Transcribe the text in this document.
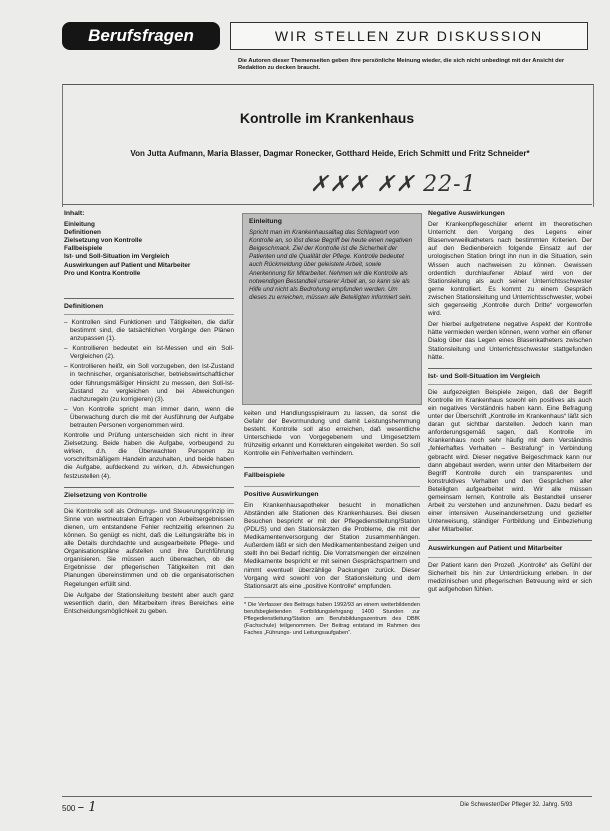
Berufsfragen	WIR STELLEN ZUR DISKUSSION
Die Autoren dieser Themenseiten geben ihre persönliche Meinung wieder, die sich nicht unbedingt mit der Ansicht der Redaktion zu decken braucht.
Kontrolle im Krankenhaus
Von Jutta Aufmann, Maria Blasser, Dagmar Ronecker, Gotthard Heide, Erich Schmitt und Fritz Schneider*
✗✗✗ ✗✗ 22-1
Inhalt:
Einleitung
Definitionen
Zielsetzung von Kontrolle
Fallbeispiele
Ist- und Soll-Situation im Vergleich
Auswirkungen auf Patient und Mitarbeiter
Pro und Kontra Kontrolle
Definitionen
– Kontrollen sind Funktionen und Tätigkeiten, die dafür bestimmt sind, die tatsächlichen Vorgänge den Plänen anzupassen (1).
– Kontrollieren bedeutet ein Ist-Messen und ein Soll-Vergleichen (2).
– Kontrollieren heißt, ein Soll vorzugeben, den Ist-Zustand in technischer, organisatorischer, betriebswirtschaftlicher oder führungsmäßiger Hinsicht zu messen, den Soll-Ist-Zustand zu vergleichen und bei Abweichungen nachzuregeln (zu korrigieren) (3).
– Von Kontrolle spricht man immer dann, wenn die Überwachung durch die mit der Ausführung der Aufgabe betrauten Personen vorgenommen wird.

Kontrolle und Prüfung unterscheiden sich nicht in ihrer Zielsetzung. Beide haben die Aufgabe, vorbeugend zu wirken, d.h. die Überwachten Personen zu vorschriftsmäßigem Handeln anzuhalten, und beide haben die Aufgabe, aufdeckend zu wirken, d.h. Abweichungen festzustellen (4).

Zielsetzung von Kontrolle

Die Kontrolle soll als Ordnungs- und Steuerungsprinzip im Sinne von wertneutralen Erfragen von Arbeitsergebnissen dienen, um entstandene Fehler rechtzeitig erkennen zu können. So genügt es nicht, daß die Leitungskräfte bis in alle Details durchdachte und ausgearbeitete Pflege- und Organisationspläne aufstellen und ihre Durchführung organisieren. Sie müssen auch überwachen, ob die Ergebnisse der pflegerischen Tätigkeiten mit den Planungen übereinstimmen und ob die organisatorischen Regelungen erfüllt sind.

Die Aufgabe der Stationsleitung besteht aber auch ganz wesentlich darin, den Mitarbeitern ihres Bereiches eine Entscheidungsmöglichkeit zu geben.

Einleitung
Spricht man im Krankenhausalltag das Schlagwort von Kontrolle an, so löst diese Begriff bei heute einen negativen Beigeschmack. Ziel der Kontrolle ist die Sicherheit der Patienten und die Qualität der Pflege. Kontrolle bedeutet auch Rückmeldung über geleistete Arbeit, sowie Anerkennung für Mitarbeiter. Nehmen wir die Kontrolle als notwendigen Bestandteil unserer Arbeit an, so kann sie als Hilfe und nicht als Bedrohung empfunden werden. Um dieses zu erreichen, müssen alle Beteiligten informiert sein.

keiten und Handlungsspielraum zu lassen, da sonst die Gefahr der Bevormundung und damit Leistungshemmung besteht. Kontrolle soll also erreichen, daß wesentliche Unterschiede von Vorgegebenem und Umgesetztem frühzeitig erkannt und Korrekturen eingeleitet werden. So soll Kontrolle ein Fehlverhalten verhindern.

Fallbeispiele
Positive Auswirkungen

Ein Krankenhausapotheker besucht in monatlichen Abständen alle Stationen des Krankenhauses. Bei diesen Besuchen bespricht er mit der Pflegedienstleitung/Station (PDL/S) und den Stationsärzten die Probleme, die mit der Medikamentenversorgung der Station zusammenhängen. Außerdem läßt er sich den Medikamentenbestand zeigen und stellt ihn bei Bedarf richtig. Die Vorratsmengen der einzelnen Medikamente bespricht er mit seinen Gesprächspartnern und nimmt eventuell überzählige Packungen zurück. Dieser Vorgang wird sowohl von der Stationsleitung und dem Stationsarzt als eine „positive Kontrolle“ empfunden.

* Die Verfasser des Beitrags haben 1992/93 an einem weiterbildenden berufsbegleitenden Fortbildungslehrgang 1400 Stunden zur Pflegedienstleitung/Station am Berufsbildungszentrum des DBfK (Fachschule) teilgenommen. Der Beitrag entstand im Rahmen des Faches „Führungs- und Leitungsaufgaben“.
Negative Auswirkungen

Der Krankenpflegeschüler erlernt im theoretischen Unterricht den Vorgang des Legens einer Blasenverweilkatheters nach bestimmten Kriterien. Der auf den Bedienbereich folgende Einsatz auf der urologischen Station bringt ihn nun in die Situation, sein Wissen auch nachweisen zu können. Gewissen ordentlich durchlaufener Ablauf wird von der Stationsleitung als auch seiner Unterrichtsschwester gerne kontrolliert. Es kommt zu einem Gespräch zwischen Stationsleitung und Unterrichtsschwester, wobei sich gegenseitig „Kontrolle durch Dritte“ vorgeworfen wird.

Der hierbei aufgetretene negative Aspekt der Kontrolle hätte vermieden werden können, wenn vorher ein offener Dialog über das Legen eines Blasenkatheters zwischen Stationsleitung und Unterrichtsschwester stattgefunden hätte.

Ist- und Soll-Situation im Vergleich

Die aufgezeigten Beispiele zeigen, daß der Begriff Kontrolle im Krankenhaus sowohl ein positives als auch ein negatives Verständnis haben kann. Eine Befragung unter der Überschrift „Kontrolle im Krankenhaus“ läßt sich daran gut sichtbar darstellen. Jedoch kann man anforderungsgemäß sagen, daß Kontrolle im Krankenhaus noch sehr häufig mit dem Verständnis „fehlerhaftes Verhalten – Bestrafung“ in Verbindung gebracht wird. Dieser negative Beigeschmack kann nur dann abgebaut werden, wenn unter den Mitarbeitern der Begriff Kontrolle durch ein transparentes und konstruktives Verhalten und den Gesprächen aller Beteiligten aufgearbeitet wird. Wir alle müssen gemeinsam lernen, Kontrolle als Bestandteil unserer Arbeit zu verstehen und anzunehmen. Dazu bedarf es einer intensiven Auseinandersetzung und gezielter Unterweisung, ständiger Fortbildung und Einbeziehung aller Mitarbeiter.

Auswirkungen auf Patient und Mitarbeiter

Der Patient kann den Prozeß „Kontrolle“ als Gefühl der Sicherheit bis hin zur Unterdrückung erleben. In der medizinischen und pflegerischen Betreuung wird er sich gut aufgehoben fühlen.

500 – 1	Die Schwester/Der Pfleger 32. Jahrg. 5/93
